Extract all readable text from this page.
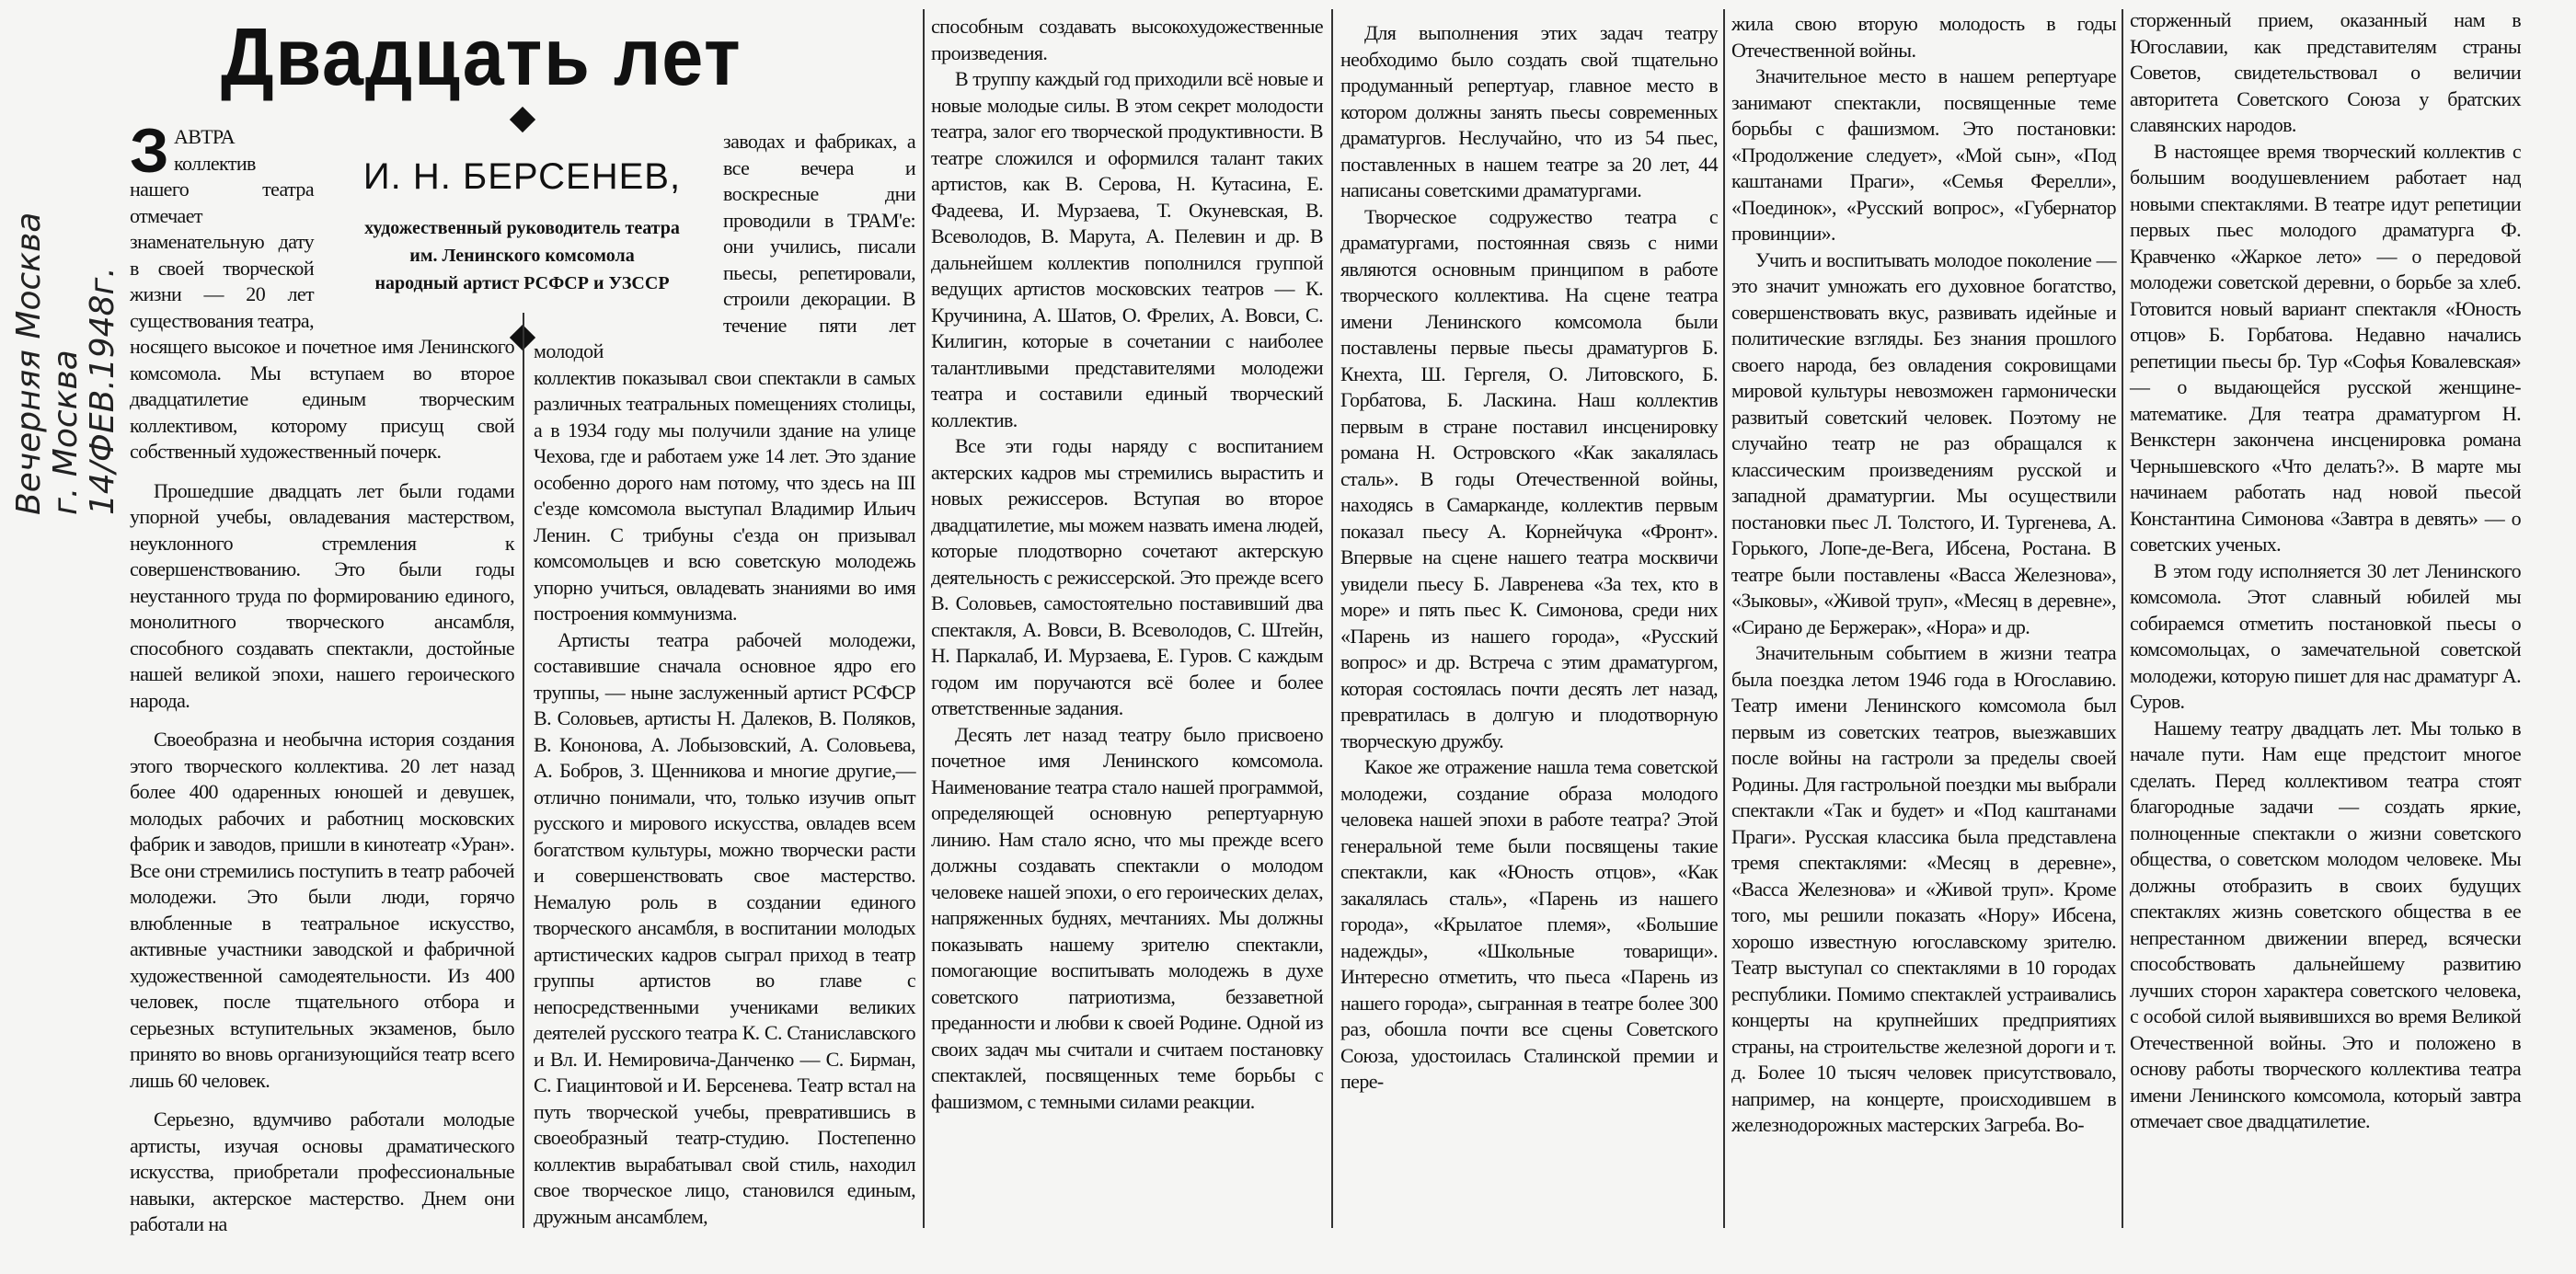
Двадцать лет
Вечерняя Москва г. Москва 14/ФЕВ.1948г.
И. Н. БЕРСЕНЕВ,
художественный руководитель театра
им. Ленинского комсомола
народный артист РСФСР и УЗССР

ЗАВТРА коллектив нашего театра отмечает знаменательную дату в своей творческой жизни — 20 лет существования театра, носящего высокое и почетное имя Ленинского комсомола. Мы вступаем во второе двадцатилетие единым творческим коллективом, которому присущ свой собственный художественный почерк.

Прошедшие двадцать лет были годами упорной учебы, овладевания мастерством, неуклонного стремления к совершенствованию. Это были годы неустанного труда по формированию единого, монолитного творческого ансамбля, способного создавать спектакли, достойные нашей великой эпохи, нашего героического народа.

Своеобразна и необычна история создания этого творческого коллектива. 20 лет назад более 400 одаренных юношей и девушек, молодых рабочих и работниц московских фабрик и заводов, пришли в кинотеатр «Уран». Все они стремились поступить в театр рабочей молодежи. Это были люди, горячо влюбленные в театральное искусство, активные участники заводской и фабричной художественной самодеятельности. Из 400 человек, после тщательного отбора и серьезных вступительных экзаменов, было принято во вновь организующийся театр всего лишь 60 человек.

Серьезно, вдумчиво работали молодые артисты, изучая основы драматического искусства, приобретали профессиональные навыки, актерское мастерство. Днем они работали на

заводах и фабриках, а все вечера и воскресные дни проводили в ТРАМ'е: они учились, писали пьесы, репетировали, строили декорации. В течение пяти лет молодой

коллектив показывал свои спектакли в самых различных театральных помещениях столицы, а в 1934 году мы получили здание на улице Чехова, где и работаем уже 14 лет. Это здание особенно дорого нам потому, что здесь на III с'езде комсомола выступал Владимир Ильич Ленин. С трибуны с'езда он призывал комсомольцев и всю советскую молодежь упорно учиться, овладевать знаниями во имя построения коммунизма.

Артисты театра рабочей молодежи, составившие сначала основное ядро его труппы, — ныне заслуженный артист РСФСР В. Соловьев, артисты Н. Далеков, В. Поляков, В. Кононова, А. Лобызовский, А. Соловьева, А. Бобров, З. Щенникова и многие другие,—отлично понимали, что, только изучив опыт русского и мирового искусства, овладев всем богатством культуры, можно творчески расти и совершенствовать свое мастерство. Немалую роль в создании единого творческого ансамбля, в воспитании молодых артистических кадров сыграл приход в театр группы артистов во главе с непосредственными учениками великих деятелей русского театра К. С. Станиславского и Вл. И. Немировича-Данченко — С. Бирман, С. Гиацинтовой и И. Берсенева. Театр встал на путь творческой учебы, превратившись в своеобразный театр-студию. Постепенно коллектив вырабатывал свой стиль, находил свое творческое лицо, становился единым, дружным ансамблем,

способным создавать высокохудожественные произведения.

В труппу каждый год приходили всё новые и новые молодые силы. В этом секрет молодости театра, залог его творческой продуктивности. В театре сложился и оформился талант таких артистов, как В. Серова, Н. Кутасина, Е. Фадеева, И. Мурзаева, Т. Окуневская, В. Всеволодов, В. Марута, А. Пелевин и др. В дальнейшем коллектив пополнился группой ведущих артистов московских театров — К. Кручинина, А. Шатов, О. Фрелих, А. Вовси, С. Килигин, которые в сочетании с наиболее талантливыми представителями молодежи театра и составили единый творческий коллектив.

Все эти годы наряду с воспитанием актерских кадров мы стремились вырастить и новых режиссеров. Вступая во второе двадцатилетие, мы можем назвать имена людей, которые плодотворно сочетают актерскую деятельность с режиссерской. Это прежде всего В. Соловьев, самостоятельно поставивший два спектакля, А. Вовси, В. Всеволодов, С. Штейн, Н. Паркалаб, И. Мурзаева, Е. Гуров. С каждым годом им поручаются всё более и более ответственные задания.

Десять лет назад театру было присвоено почетное имя Ленинского комсомола. Наименование театра стало нашей программой, определяющей основную репертуарную линию. Нам стало ясно, что мы прежде всего должны создавать спектакли о молодом человеке нашей эпохи, о его героических делах, напряженных буднях, мечтаниях. Мы должны показывать нашему зрителю спектакли, помогающие воспитывать молодежь в духе советского патриотизма, беззаветной преданности и любви к своей Родине. Одной из своих задач мы считали и считаем постановку спектаклей, посвященных теме борьбы с фашизмом, с темными силами реакции.

Для выполнения этих задач театру необходимо было создать свой тщательно продуманный репертуар, главное место в котором должны занять пьесы современных драматургов. Неслучайно, что из 54 пьес, поставленных в нашем театре за 20 лет, 44 написаны советскими драматургами.

Творческое содружество театра с драматургами, постоянная связь с ними являются основным принципом в работе творческого коллектива. На сцене театра имени Ленинского комсомола были поставлены первые пьесы драматургов Б. Кнехта, Ш. Гергеля, О. Литовского, Б. Горбатова, Б. Ласкина. Наш коллектив первым в стране поставил инсценировку романа Н. Островского «Как закалялась сталь». В годы Отечественной войны, находясь в Самарканде, коллектив первым показал пьесу А. Корнейчука «Фронт». Впервые на сцене нашего театра москвичи увидели пьесу Б. Лавренева «За тех, кто в море» и пять пьес К. Симонова, среди них «Парень из нашего города», «Русский вопрос» и др. Встреча с этим драматургом, которая состоялась почти десять лет назад, превратилась в долгую и плодотворную творческую дружбу.

Какое же отражение нашла тема советской молодежи, создание образа молодого человека нашей эпохи в работе театра? Этой генеральной теме были посвящены такие спектакли, как «Юность отцов», «Как закалялась сталь», «Парень из нашего города», «Крылатое племя», «Большие надежды», «Школьные товарищи». Интересно отметить, что пьеса «Парень из нашего города», сыгранная в театре более 300 раз, обошла почти все сцены Советского Союза, удостоилась Сталинской премии и пере-

жила свою вторую молодость в годы Отечественной войны.

Значительное место в нашем репертуаре занимают спектакли, посвященные теме борьбы с фашизмом. Это постановки: «Продолжение следует», «Мой сын», «Под каштанами Праги», «Семья Ферелли», «Поединок», «Русский вопрос», «Губернатор провинции».

Учить и воспитывать молодое поколение — это значит умножать его духовное богатство, совершенствовать вкус, развивать идейные и политические взгляды. Без знания прошлого своего народа, без овладения сокровищами мировой культуры невозможен гармонически развитый советский человек. Поэтому не случайно театр не раз обращался к классическим произведениям русской и западной драматургии. Мы осуществили постановки пьес Л. Толстого, И. Тургенева, А. Горького, Лопе-де-Вега, Ибсена, Ростана. В театре были поставлены «Васса Железнова», «Зыковы», «Живой труп», «Месяц в деревне», «Сирано де Бержерак», «Нора» и др.

Значительным событием в жизни театра была поездка летом 1946 года в Югославию. Театр имени Ленинского комсомола был первым из советских театров, выезжавших после войны на гастроли за пределы своей Родины. Для гастрольной поездки мы выбрали спектакли «Так и будет» и «Под каштанами Праги». Русская классика была представлена тремя спектаклями: «Месяц в деревне», «Васса Железнова» и «Живой труп». Кроме того, мы решили показать «Нору» Ибсена, хорошо известную югославскому зрителю. Театр выступал со спектаклями в 10 городах республики. Помимо спектаклей устраивались концерты на крупнейших предприятиях страны, на строительстве железной дороги и т. д. Более 10 тысяч человек присутствовало, например, на концерте, происходившем в железнодорожных мастерских Загреба. Во-

сторженный прием, оказанный нам в Югославии, как представителям страны Советов, свидетельствовал о величии авторитета Советского Союза у братских славянских народов.

В настоящее время творческий коллектив с большим воодушевлением работает над новыми спектаклями. В театре идут репетиции первых пьес молодого драматурга Ф. Кравченко «Жаркое лето» — о передовой молодежи советской деревни, о борьбе за хлеб. Готовится новый вариант спектакля «Юность отцов» Б. Горбатова. Недавно начались репетиции пьесы бр. Тур «Софья Ковалевская» — о выдающейся русской женщине-математике. Для театра драматургом Н. Венкстерн закончена инсценировка романа Чернышевского «Что делать?». В марте мы начинаем работать над новой пьесой Константина Симонова «Завтра в девять» — о советских ученых.

В этом году исполняется 30 лет Ленинского комсомола. Этот славный юбилей мы собираемся отметить постановкой пьесы о комсомольцах, о замечательной советской молодежи, которую пишет для нас драматург А. Суров.

Нашему театру двадцать лет. Мы только в начале пути. Нам еще предстоит многое сделать. Перед коллективом театра стоят благородные задачи — создать яркие, полноценные спектакли о жизни советского общества, о советском молодом человеке. Мы должны отобразить в своих будущих спектаклях жизнь советского общества в ее непрестанном движении вперед, всячески способствовать дальнейшему развитию лучших сторон характера советского человека, с особой силой выявившихся во время Великой Отечественной войны. Это и положено в основу работы творческого коллектива театра имени Ленинского комсомола, который завтра отмечает свое двадцатилетие.
